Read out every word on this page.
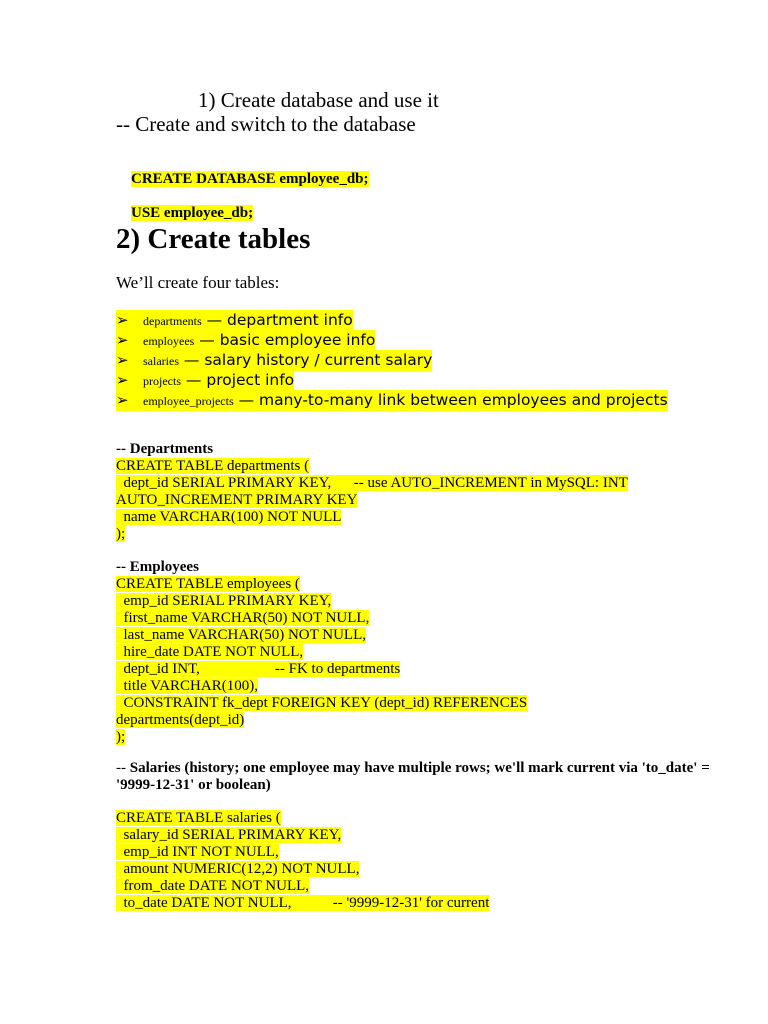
1) Create database and use it
-- Create and switch to the database

CREATE DATABASE employee_db;

USE employee_db;

2) Create tables
We’ll create four tables:
➢ departments — department info
➢ employees — basic employee info
➢ salaries — salary history / current salary
➢ projects — project info
➢ employee_projects — many-to-many link between employees and projects
-- Departments
CREATE TABLE departments (
dept_id SERIAL PRIMARY KEY,      -- use AUTO_INCREMENT in MySQL: INT
AUTO_INCREMENT PRIMARY KEY
name VARCHAR(100) NOT NULL
);
-- Employees
CREATE TABLE employees (
emp_id SERIAL PRIMARY KEY,
first_name VARCHAR(50) NOT NULL,
last_name VARCHAR(50) NOT NULL,
hire_date DATE NOT NULL,
dept_id INT,                    -- FK to departments
title VARCHAR(100),
CONSTRAINT fk_dept FOREIGN KEY (dept_id) REFERENCES
departments(dept_id)
);
-- Salaries (history; one employee may have multiple rows; we'll mark current via 'to_date' = '9999-12-31' or boolean)
CREATE TABLE salaries (
salary_id SERIAL PRIMARY KEY,
emp_id INT NOT NULL,
amount NUMERIC(12,2) NOT NULL,
from_date DATE NOT NULL,
to_date DATE NOT NULL,           -- '9999-12-31' for current
